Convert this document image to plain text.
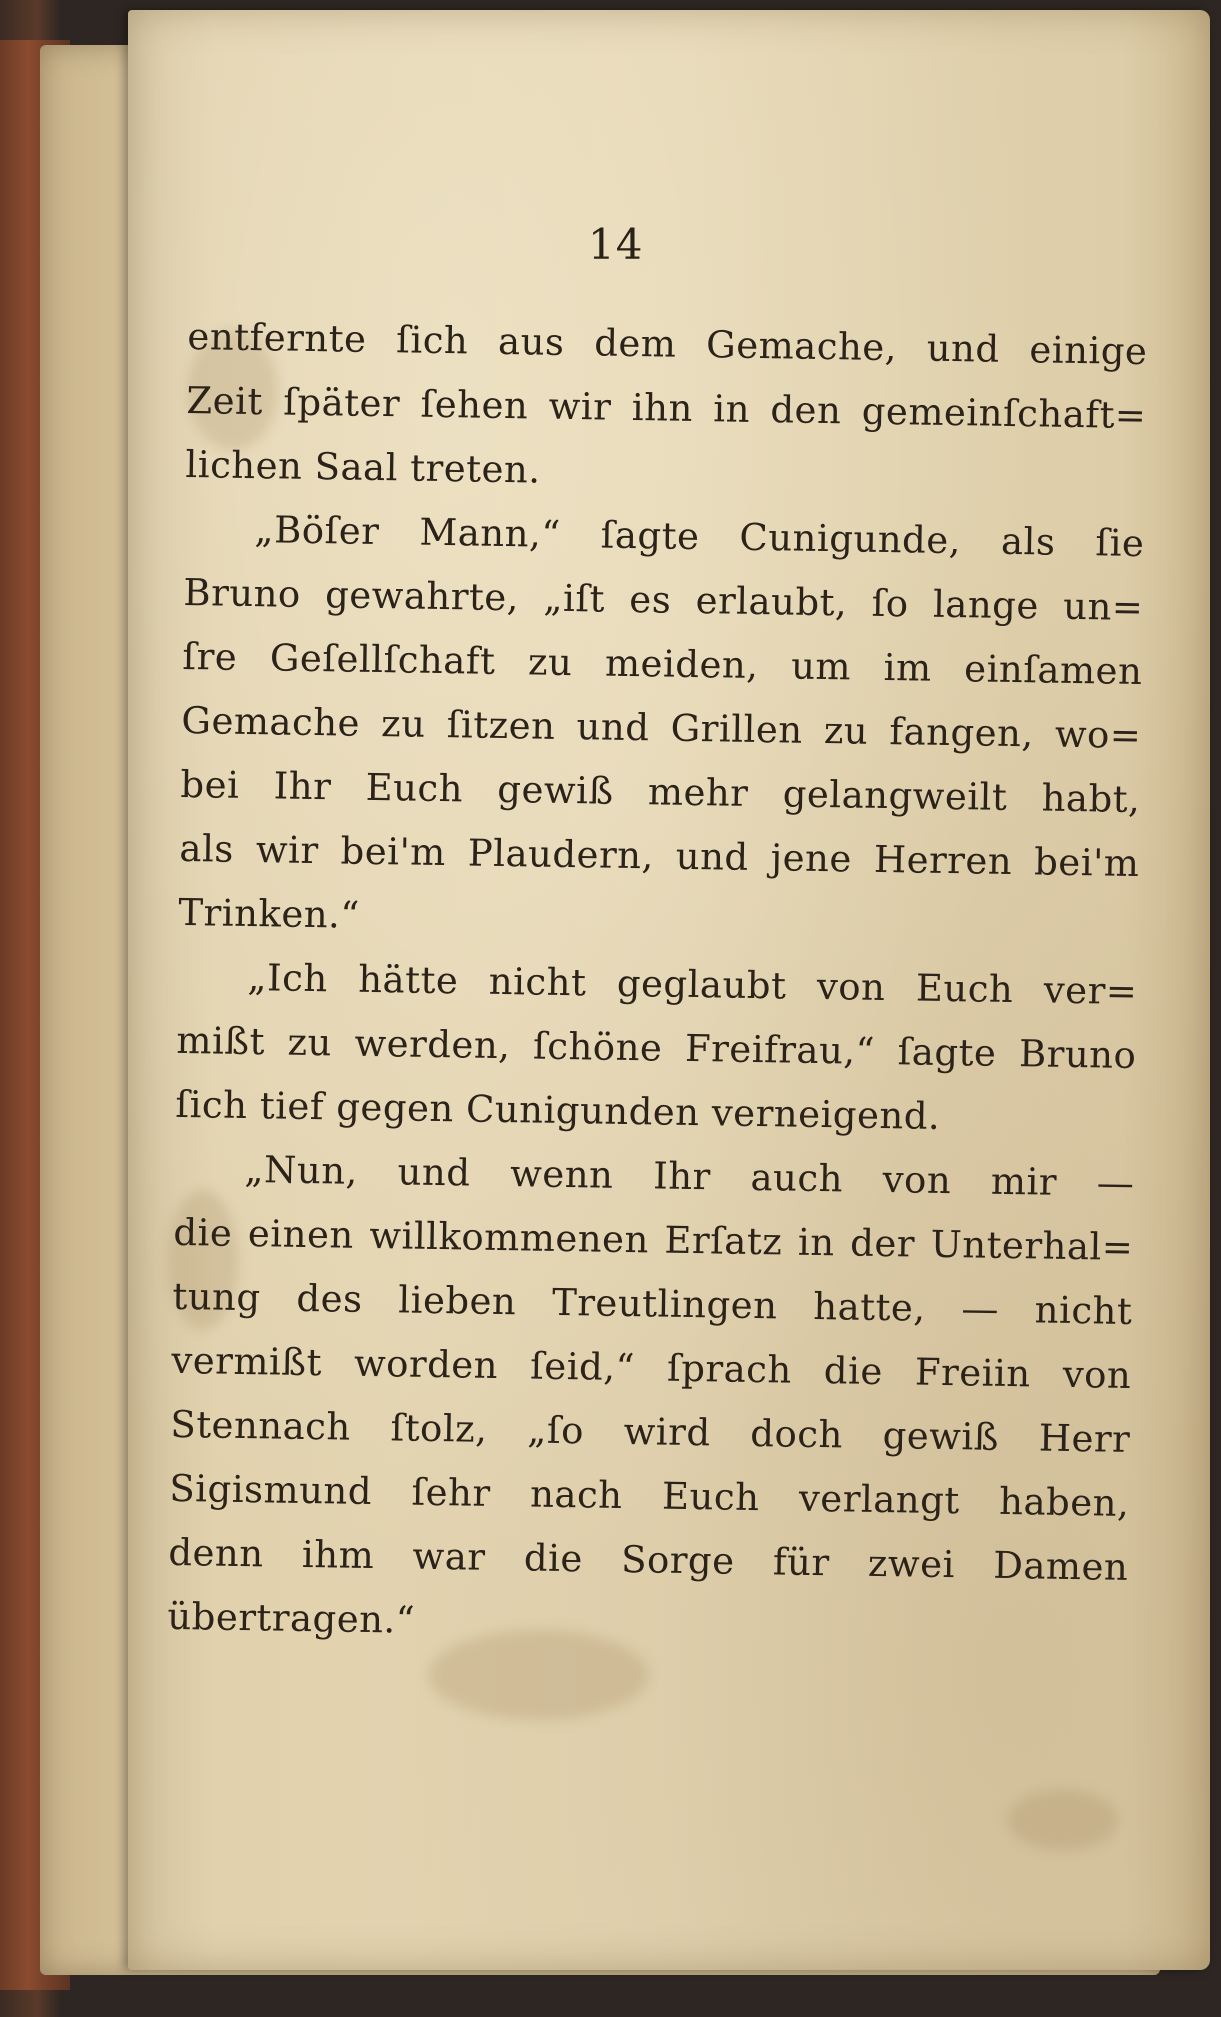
14
entfernte ſich aus dem Gemache, und einige
Zeit ſpäter ſehen wir ihn in den gemeinſchaft=
lichen Saal treten.
„Böſer Mann,“ ſagte Cunigunde, als ſie
Bruno gewahrte, „iſt es erlaubt, ſo lange un=
ſre Geſellſchaft zu meiden, um im einſamen
Gemache zu ſitzen und Grillen zu fangen, wo=
bei Ihr Euch gewiß mehr gelangweilt habt,
als wir bei'm Plaudern, und jene Herren bei'm
Trinken.“
„Ich hätte nicht geglaubt von Euch ver=
mißt zu werden, ſchöne Freifrau,“ ſagte Bruno
ſich tief gegen Cunigunden verneigend.
„Nun, und wenn Ihr auch von mir —
die einen willkommenen Erſatz in der Unterhal=
tung des lieben Treutlingen hatte, — nicht
vermißt worden ſeid,“ ſprach die Freiin von
Stennach ſtolz, „ſo wird doch gewiß Herr
Sigismund ſehr nach Euch verlangt haben,
denn ihm war die Sorge für zwei Damen
übertragen.“
